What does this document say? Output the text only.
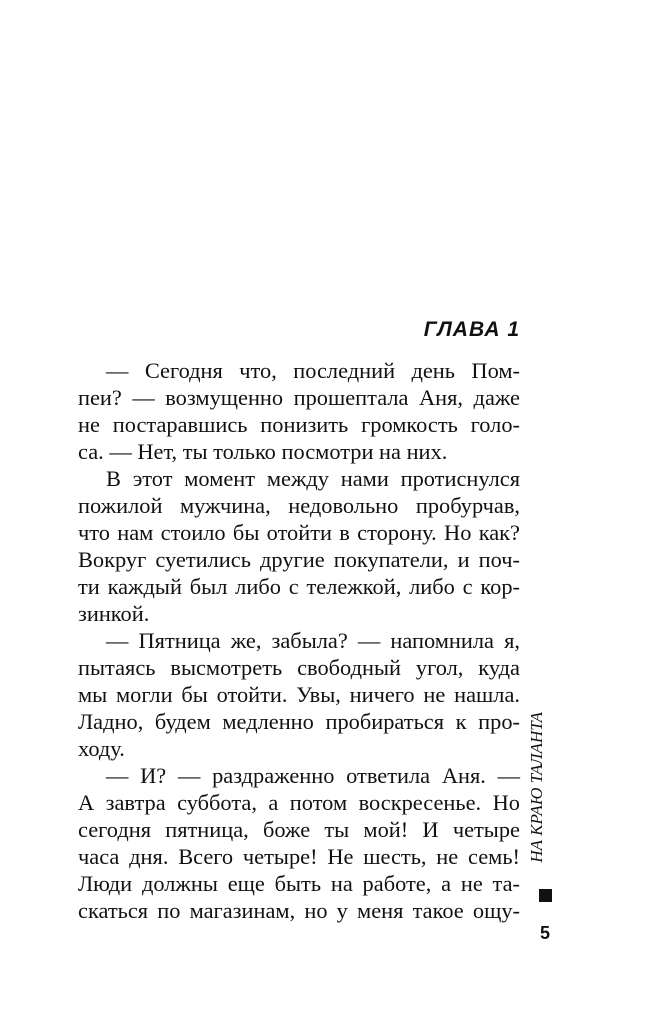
ГЛАВА 1

— Сегодня что, последний день Пом-

пеи? — возмущенно прошептала Аня, даже

не постаравшись понизить громкость голо-

са. — Нет, ты только посмотри на них.

В этот момент между нами протиснулся

пожилой мужчина, недовольно пробурчав,

что нам стоило бы отойти в сторону. Но как?

Вокруг суетились другие покупатели, и поч-

ти каждый был либо с тележкой, либо с кор-

зинкой.

— Пятница же, забыла? — напомнила я,

пытаясь высмотреть свободный угол, куда

мы могли бы отойти. Увы, ничего не нашла.

Ладно, будем медленно пробираться к про-

ходу.

— И? — раздраженно ответила Аня. —

А завтра суббота, а потом воскресенье. Но

сегодня пятница, боже ты мой! И четыре

часа дня. Всего четыре! Не шесть, не семь!

Люди должны еще быть на работе, а не та-

скаться по магазинам, но у меня такое ощу-

НА КРАЮ ТАЛАНТА
5
